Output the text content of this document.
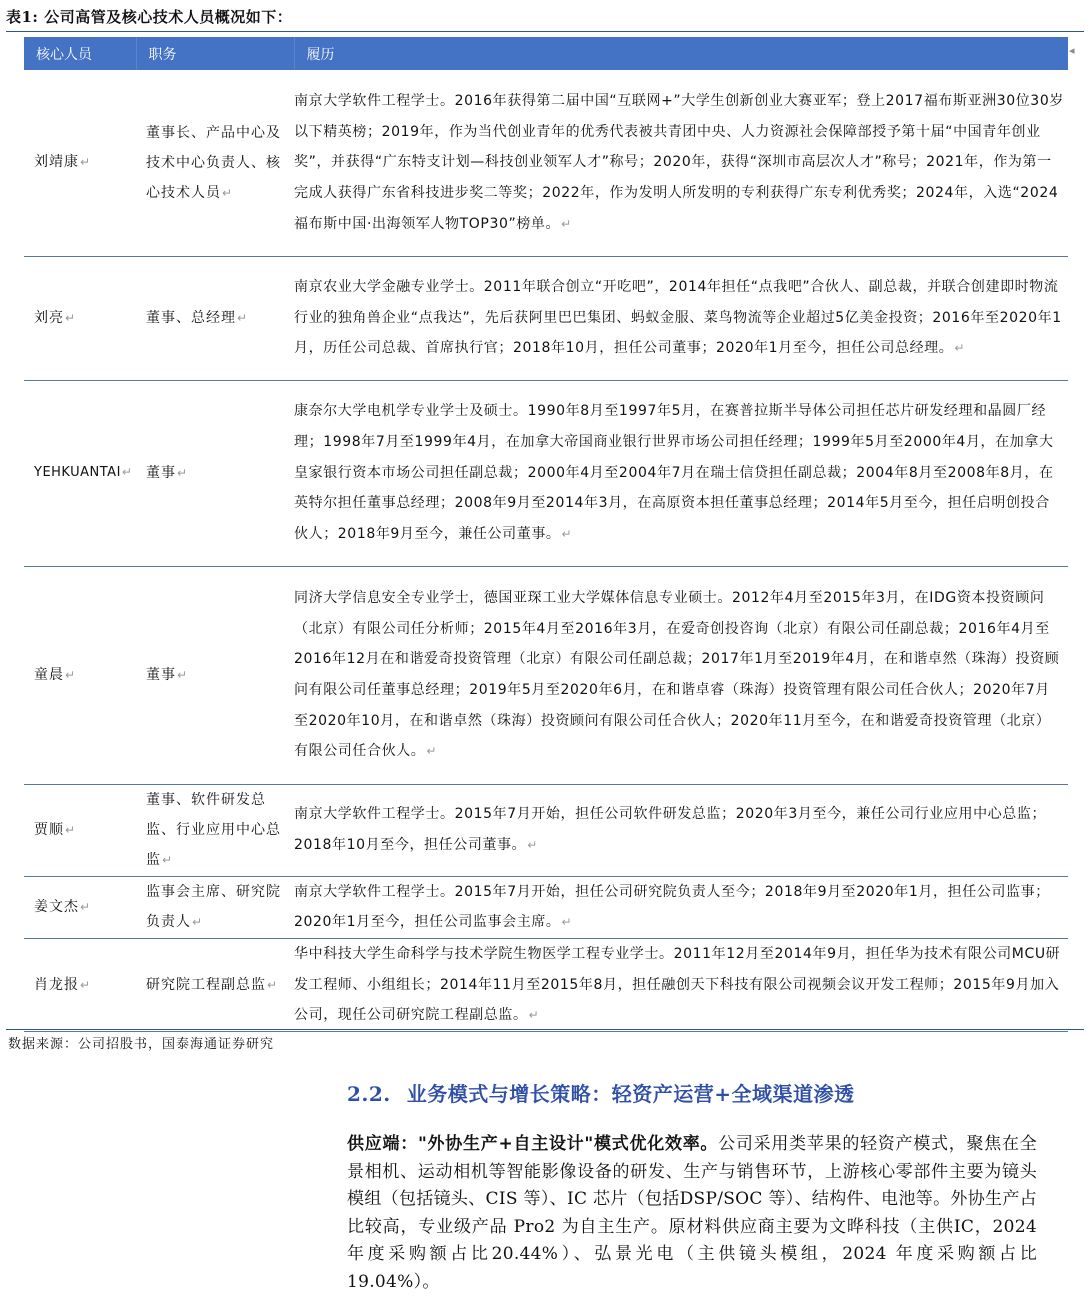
表1: 公司高管及核心技术人员概况如下：
◂
核心人员	职务	履历
刘靖康↵	董事长、产品中心及技术中心负责人、核心技术人员↵	南京大学软件工程学士。2016年获得第二届中国“互联网+”大学生创新创业大赛亚军；登上2017福布斯亚洲30位30岁以下精英榜；2019年，作为当代创业青年的优秀代表被共青团中央、人力资源社会保障部授予第十届“中国青年创业奖”，并获得“广东特支计划—科技创业领军人才”称号；2020年，获得“深圳市高层次人才”称号；2021年，作为第一完成人获得广东省科技进步奖二等奖；2022年，作为发明人所发明的专利获得广东专利优秀奖；2024年，入选“2024福布斯中国·出海领军人物TOP30”榜单。↵
刘亮↵	董事、总经理↵	南京农业大学金融专业学士。2011年联合创立“开吃吧”，2014年担任“点我吧”合伙人、副总裁，并联合创建即时物流行业的独角兽企业“点我达”，先后获阿里巴巴集团、蚂蚁金服、菜鸟物流等企业超过5亿美金投资；2016年至2020年1月，历任公司总裁、首席执行官；2018年10月，担任公司董事；2020年1月至今，担任公司总经理。↵
YEHKUANTAI↵	董事↵	康奈尔大学电机学专业学士及硕士。1990年8月至1997年5月，在赛普拉斯半导体公司担任芯片研发经理和晶圆厂经理；1998年7月至1999年4月，在加拿大帝国商业银行世界市场公司担任经理；1999年5月至2000年4月，在加拿大皇家银行资本市场公司担任副总裁；2000年4月至2004年7月在瑞士信贷担任副总裁；2004年8月至2008年8月，在英特尔担任董事总经理；2008年9月至2014年3月，在高原资本担任董事总经理；2014年5月至今，担任启明创投合伙人；2018年9月至今，兼任公司董事。↵
童晨↵	董事↵	同济大学信息安全专业学士，德国亚琛工业大学媒体信息专业硕士。2012年4月至2015年3月，在IDG资本投资顾问（北京）有限公司任分析师；2015年4月至2016年3月，在爱奇创投咨询（北京）有限公司任副总裁；2016年4月至2016年12月在和谐爱奇投资管理（北京）有限公司任副总裁；2017年1月至2019年4月，在和谐卓然（珠海）投资顾问有限公司任董事总经理；2019年5月至2020年6月，在和谐卓睿（珠海）投资管理有限公司任合伙人；2020年7月至2020年10月，在和谐卓然（珠海）投资顾问有限公司任合伙人；2020年11月至今，在和谐爱奇投资管理（北京）有限公司任合伙人。↵
贾顺↵	董事、软件研发总监、行业应用中心总监↵	南京大学软件工程学士。2015年7月开始，担任公司软件研发总监；2020年3月至今，兼任公司行业应用中心总监；2018年10月至今，担任公司董事。↵
姜文杰↵	监事会主席、研究院负责人↵	南京大学软件工程学士。2015年7月开始，担任公司研究院负责人至今；2018年9月至2020年1月，担任公司监事；2020年1月至今，担任公司监事会主席。↵
肖龙报↵	研究院工程副总监↵	华中科技大学生命科学与技术学院生物医学工程专业学士。2011年12月至2014年9月，担任华为技术有限公司MCU研发工程师、小组组长；2014年11月至2015年8月，担任融创天下科技有限公司视频会议开发工程师；2015年9月加入公司，现任公司研究院工程副总监。↵
数据来源：公司招股书，国泰海通证券研究
2.2. 业务模式与增长策略：轻资产运营+全域渠道渗透
供应端："外协生产+自主设计"模式优化效率。公司采用类苹果的轻资产模式，聚焦在全景相机、运动相机等智能影像设备的研发、生产与销售环节，上游核心零部件主要为镜头模组（包括镜头、CIS 等）、IC 芯片（包括DSP/SOC 等）、结构件、电池等。外协生产占比较高，专业级产品 Pro2 为自主生产。原材料供应商主要为文晔科技（主供IC，2024 年度采购额占比20.44%）、弘景光电（主供镜头模组，2024 年度采购额占比 19.04%）。
